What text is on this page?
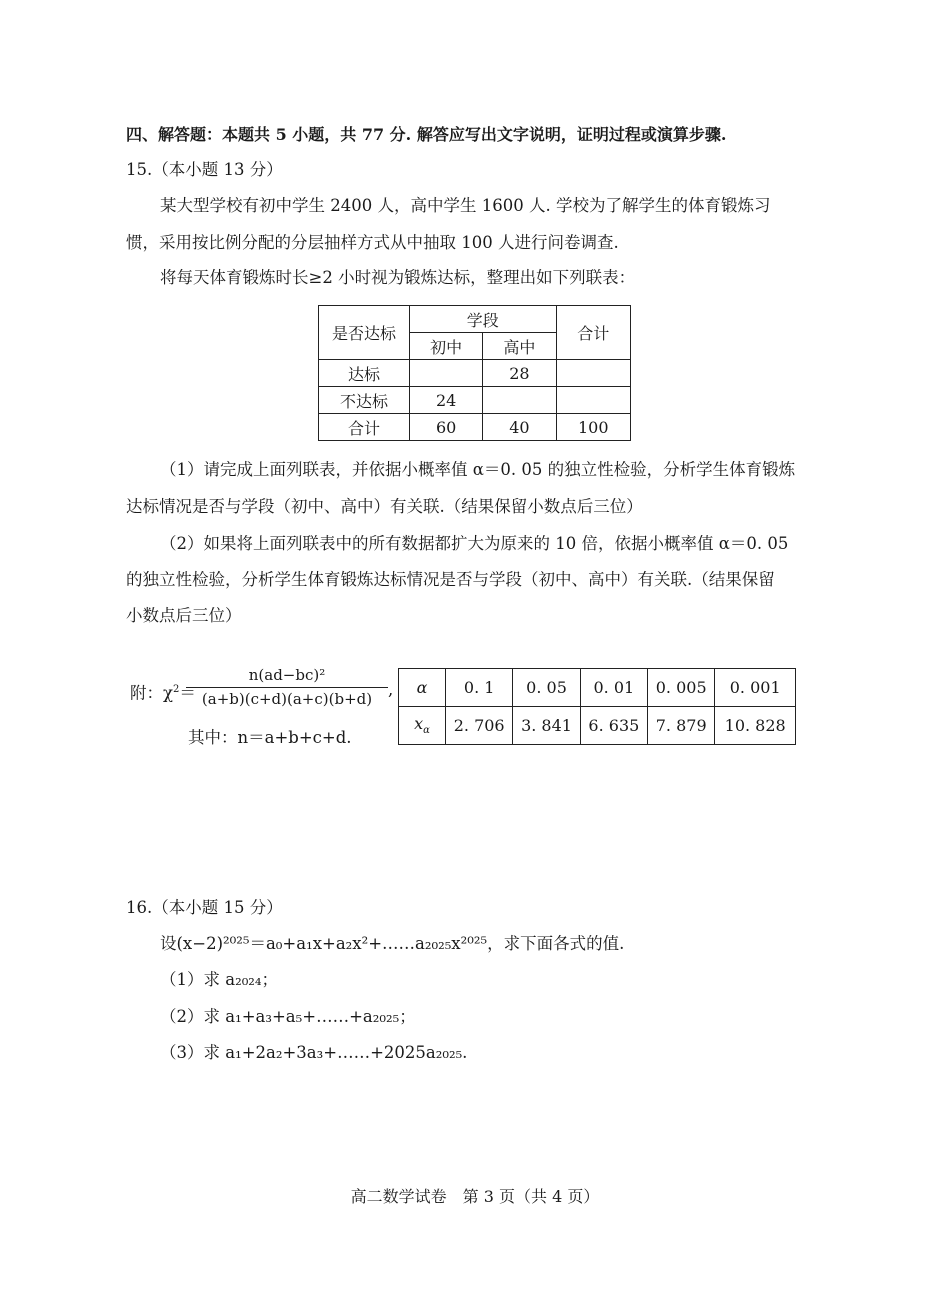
四、解答题：本题共 5 小题，共 77 分. 解答应写出文字说明，证明过程或演算步骤.
15.（本小题 13 分）
某大型学校有初中学生 2400 人，高中学生 1600 人. 学校为了解学生的体育锻炼习
惯，采用按比例分配的分层抽样方式从中抽取 100 人进行问卷调查.
将每天体育锻炼时长≥2 小时视为锻炼达标，整理出如下列联表：
是否达标	学段		合计
	初中	高中	
达标		28	
不达标	24		
合计	60	40	100
（1）请完成上面列联表，并依据小概率值 α＝0. 05 的独立性检验，分析学生体育锻炼
达标情况是否与学段（初中、高中）有关联.（结果保留小数点后三位）
（2）如果将上面列联表中的所有数据都扩大为原来的 10 倍，依据小概率值 α＝0. 05
的独立性检验，分析学生体育锻炼达标情况是否与学段（初中、高中）有关联.（结果保留
小数点后三位）
附：$\chi^2=$
$\frac{\text{n(ad−bc)²}}{(a+b)(c+d)(a+c)(b+d)}$ ,
其中：n＝a+b+c+d.
α	0. 1	0. 05	0. 01	0. 005	0. 001
$x_\alpha$	2. 706	3. 841	6. 635	7. 879	10. 828
16.（本小题 15 分）
设(x−2)²⁰²⁵＝a₀+a₁x+a₂x²+……a₂₀₂₅x²⁰²⁵，求下面各式的值.
（1）求 a₂₀₂₄；
（2）求 a₁+a₃+a₅+……+a₂₀₂₅；
（3）求 a₁+2a₂+3a₃+……+2025a₂₀₂₅.
高二数学试卷　第 3 页（共 4 页）
